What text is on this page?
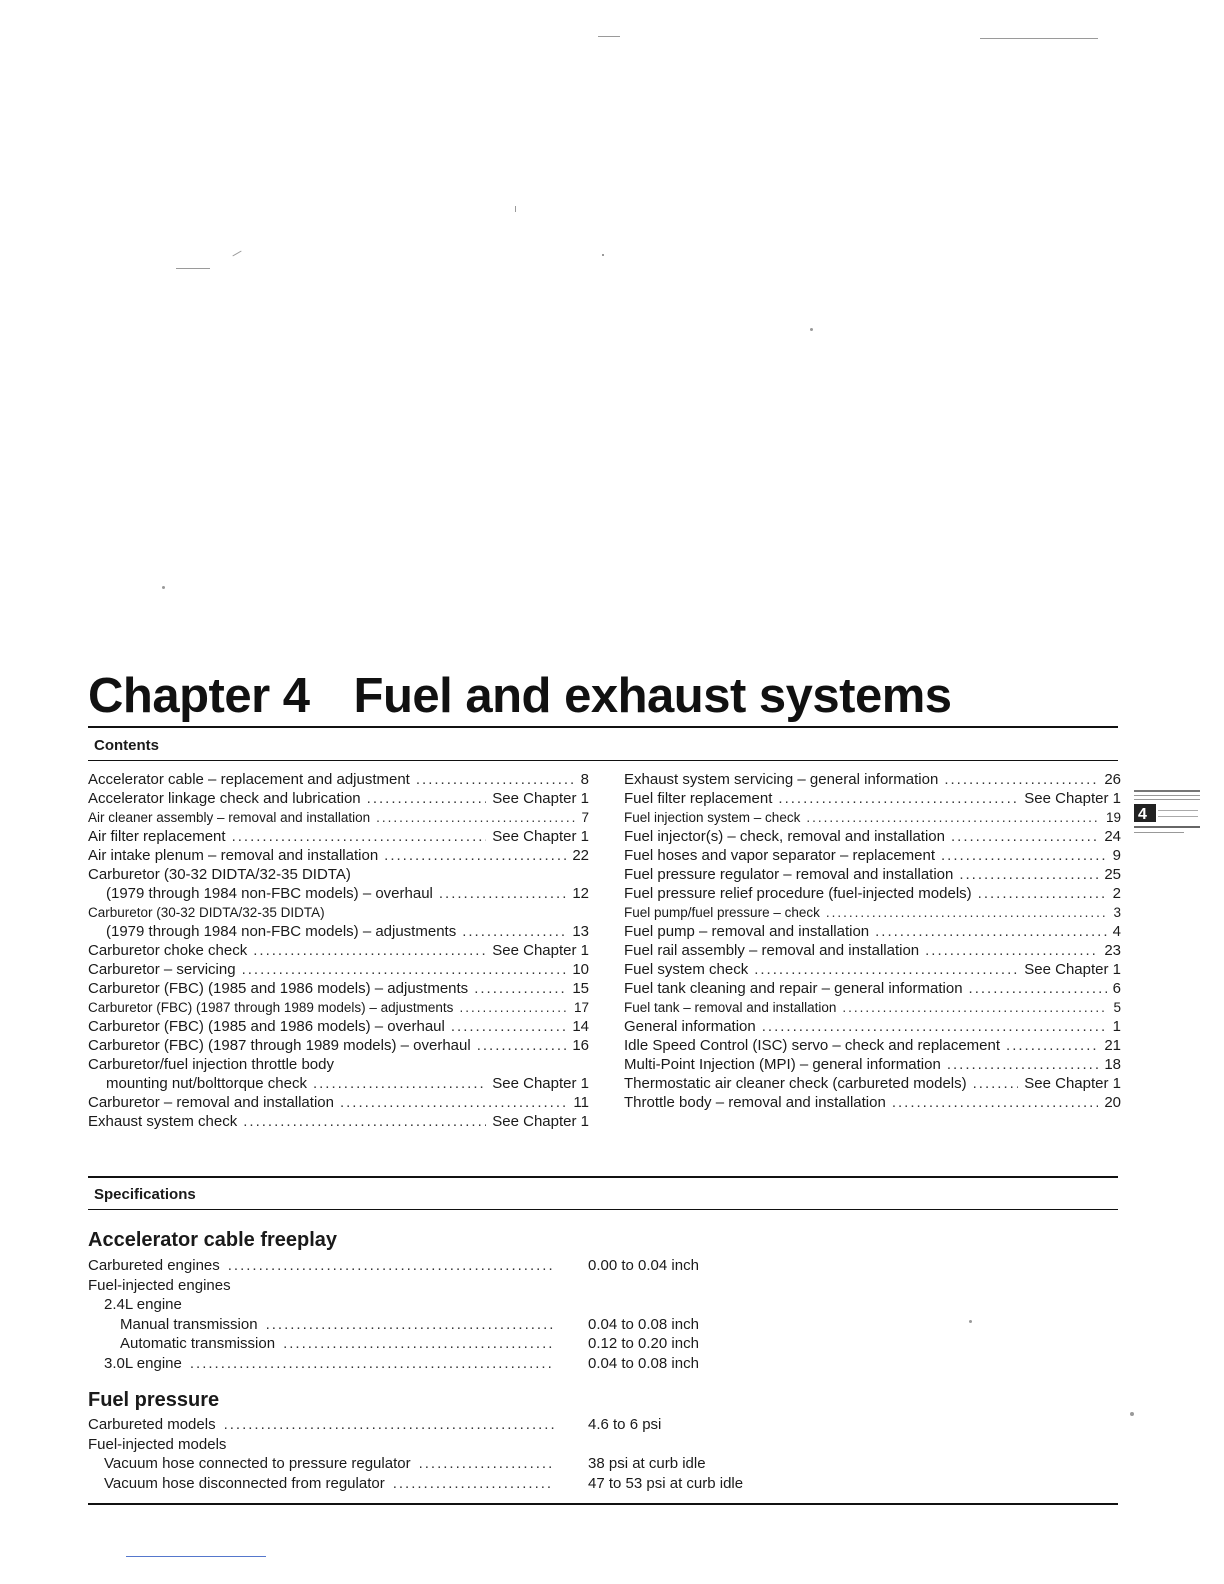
Chapter 4 Fuel and exhaust systems
Contents
Accelerator cable – replacement and adjustment .....	8
Accelerator linkage check and lubrication .....	See Chapter 1
Air cleaner assembly – removal and installation .....	7
Air filter replacement .....	See Chapter 1
Air intake plenum – removal and installation .....	22
Carburetor (30-32 DIDTA/32-35 DIDTA)
(1979 through 1984 non-FBC models) – overhaul .....	12
Carburetor (30-32 DIDTA/32-35 DIDTA)
(1979 through 1984 non-FBC models) – adjustments .....	13
Carburetor choke check .....	See Chapter 1
Carburetor – servicing .....	10
Carburetor (FBC) (1985 and 1986 models) – adjustments .....	15
Carburetor (FBC) (1987 through 1989 models) – adjustments .....	17
Carburetor (FBC) (1985 and 1986 models) – overhaul .....	14
Carburetor (FBC) (1987 through 1989 models) – overhaul .....	16
Carburetor/fuel injection throttle body
mounting nut/bolttorque check .....	See Chapter 1
Carburetor – removal and installation .....	11
Exhaust system check .....	See Chapter 1
Exhaust system servicing – general information .....	26
Fuel filter replacement .....	See Chapter 1
Fuel injection system – check .....	19
Fuel injector(s) – check, removal and installation .....	24
Fuel hoses and vapor separator – replacement .....	9
Fuel pressure regulator – removal and installation .....	25
Fuel pressure relief procedure (fuel-injected models) .....	2
Fuel pump/fuel pressure – check .....	3
Fuel pump – removal and installation .....	4
Fuel rail assembly – removal and installation .....	23
Fuel system check .....	See Chapter 1
Fuel tank cleaning and repair – general information .....	6
Fuel tank – removal and installation .....	5
General information .....	1
Idle Speed Control (ISC) servo – check and replacement .....	21
Multi-Point Injection (MPI) – general information .....	18
Thermostatic air cleaner check (carbureted models) .....	See Chapter 1
Throttle body – removal and installation .....	20
4
Specifications
Accelerator cable freeplay
Carbureted engines .....	0.00 to 0.04 inch
Fuel-injected engines
2.4L engine
Manual transmission .....	0.04 to 0.08 inch
Automatic transmission .....	0.12 to 0.20 inch
3.0L engine .....	0.04 to 0.08 inch
Fuel pressure
Carbureted models .....	4.6 to 6 psi
Fuel-injected models
Vacuum hose connected to pressure regulator .....	38 psi at curb idle
Vacuum hose disconnected from regulator .....	47 to 53 psi at curb idle
